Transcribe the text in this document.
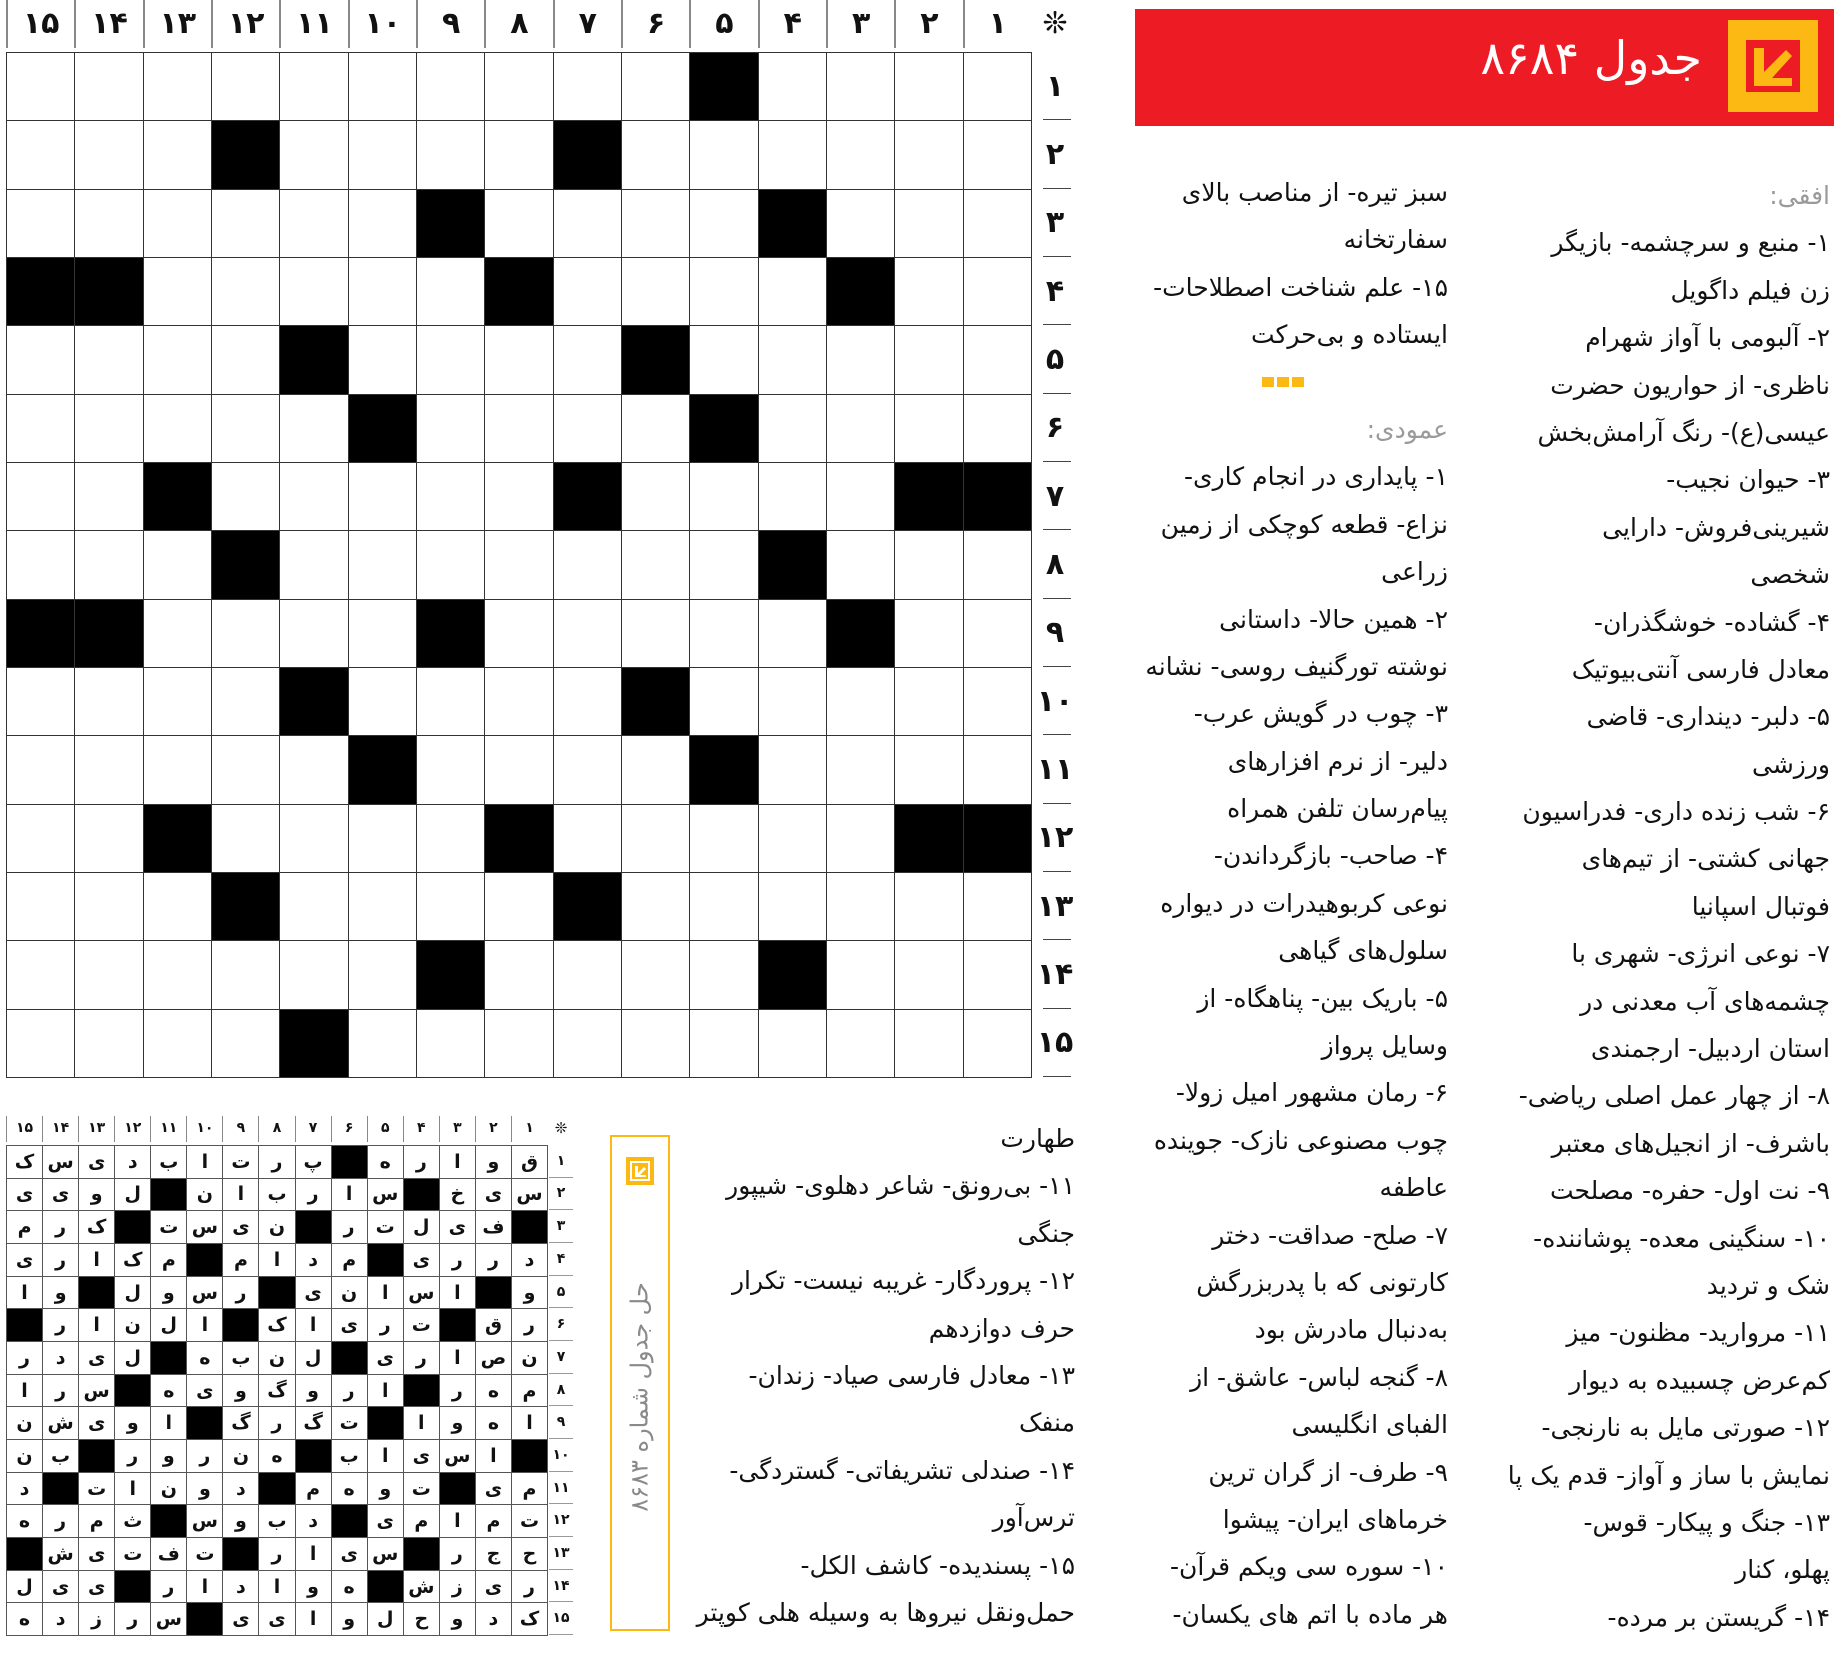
❊
۱
۲
۳
۴
۵
۶
۷
۸
۹
۱۰
۱۱
۱۲
۱۳
۱۴
۱۵
۱
۲
۳
۴
۵
۶
۷
۸
۹
۱۰
۱۱
۱۲
۱۳
۱۴
۱۵
جدول ۸۶۸۴
افقی:
۱- منبع و سرچشمه- بازیگر
زن فیلم داگویل
۲- آلبومی با آواز شهرام
ناظری- از حواریون حضرت
عیسی(ع)- رنگ آرامش‌بخش
۳- حیوان نجیب-
شیرینی‌فروش- دارایی
شخصی
۴- گشاده- خوشگذران-
معادل فارسی آنتی‌بیوتیک
۵- دلبر- دینداری- قاضی
ورزشی
۶- شب زنده داری- فدراسیون
جهانی کشتی- از تیم‌های
فوتبال اسپانیا
۷- نوعی انرژی- شهری با
چشمه‌های آب معدنی در
استان اردبیل- ارجمندی
۸- از چهار عمل اصلی ریاضی-
باشرف- از انجیل‌های معتبر
۹- نت اول- حفره- مصلحت
۱۰- سنگینی معده- پوشاننده-
شک و تردید
۱۱- مروارید- مظنون- میز
کم‌عرض چسبیده به دیوار
۱۲- صورتی مایل به نارنجی-
نمایش با ساز و آواز- قدم یک پا
۱۳- جنگ و پیکار- قوس-
پهلو، کنار
۱۴- گریستن بر مرده-
سبز تیره- از مناصب بالای
سفارتخانه
۱۵- علم شناخت اصطلاحات-
ایستاده و بی‌حرکت
عمودی:
۱- پایداری در انجام کاری-
نزاع- قطعه کوچکی از زمین
زراعی
۲- همین حالا- داستانی
نوشته تورگنیف روسی- نشانه
۳- چوب در گویش عرب-
دلیر- از نرم افزارهای
پیام‌رسان تلفن همراه
۴- صاحب- بازگرداندن-
نوعی کربوهیدرات در دیواره
سلول‌های گیاهی
۵- باریک بین- پناهگاه- از
وسایل پرواز
۶- رمان مشهور امیل زولا-
چوب مصنوعی نازک- جوینده
عاطفه
۷- صلح- صداقت- دختر
کارتونی که با پدربزرگش
به‌دنبال مادرش بود
۸- گنجه لباس- عاشق- از
الفبای انگلیسی
۹- طرف- از گران ترین
خرماهای ایران- پیشوا
۱۰- سوره سی ویکم قرآن-
هر ماده با اتم های یکسان-
طهارت
۱۱- بی‌رونق- شاعر دهلوی- شیپور
جنگی
۱۲- پروردگار- غریبه نیست- تکرار
حرف دوازدهم
۱۳- معادل فارسی صیاد- زندان-
منفک
۱۴- صندلی تشریفاتی- گستردگی-
ترس‌آور
۱۵- پسندیده- کاشف الکل-
حمل‌ونقل نیروها به وسیله هلی کوپتر
حل جدول شماره ۸۶۸۳
❊
۱
۲
۳
۴
۵
۶
۷
۸
۹
۱۰
۱۱
۱۲
۱۳
۱۴
۱۵
۱
۲
۳
۴
۵
۶
۷
۸
۹
۱۰
۱۱
۱۲
۱۳
۱۴
۱۵
ق
و
ا
ر
ه
پ
ر
ت
ا
ب
د
ی
س
ک
س
ی
خ
س
ا
ر
ب
ا
ن
ل
و
ی
ی
ف
ی
ل
ت
ر
ن
ی
س
ت
ک
ر
م
د
ر
ر
ی
م
د
ا
م
م
ک
ا
ر
ی
و
ا
س
ا
ن
ی
ر
س
و
ل
و
ا
ر
ق
ت
ر
ی
ا
ک
ا
ل
ن
ا
ر
ن
ص
ا
ر
ی
ل
ن
ب
ه
ل
ی
د
ر
م
ه
ر
ا
ر
و
گ
و
ی
ه
س
ر
ا
ا
ه
و
ا
ت
گ
ر
گ
ا
و
ی
ش
ن
ا
س
ی
ا
ب
ه
ن
ر
و
ر
ب
ن
م
ی
ت
و
ه
م
د
و
ن
ا
ت
د
ت
م
ا
م
ی
د
ب
و
س
ث
م
ر
ه
ح
ج
ر
س
ی
ا
ر
ت
ف
ت
ی
ش
ر
ی
ز
ش
ه
و
ا
د
ا
ر
ی
ی
ل
ک
د
و
ح
ل
و
ا
ی
ی
س
ر
ز
د
ه
